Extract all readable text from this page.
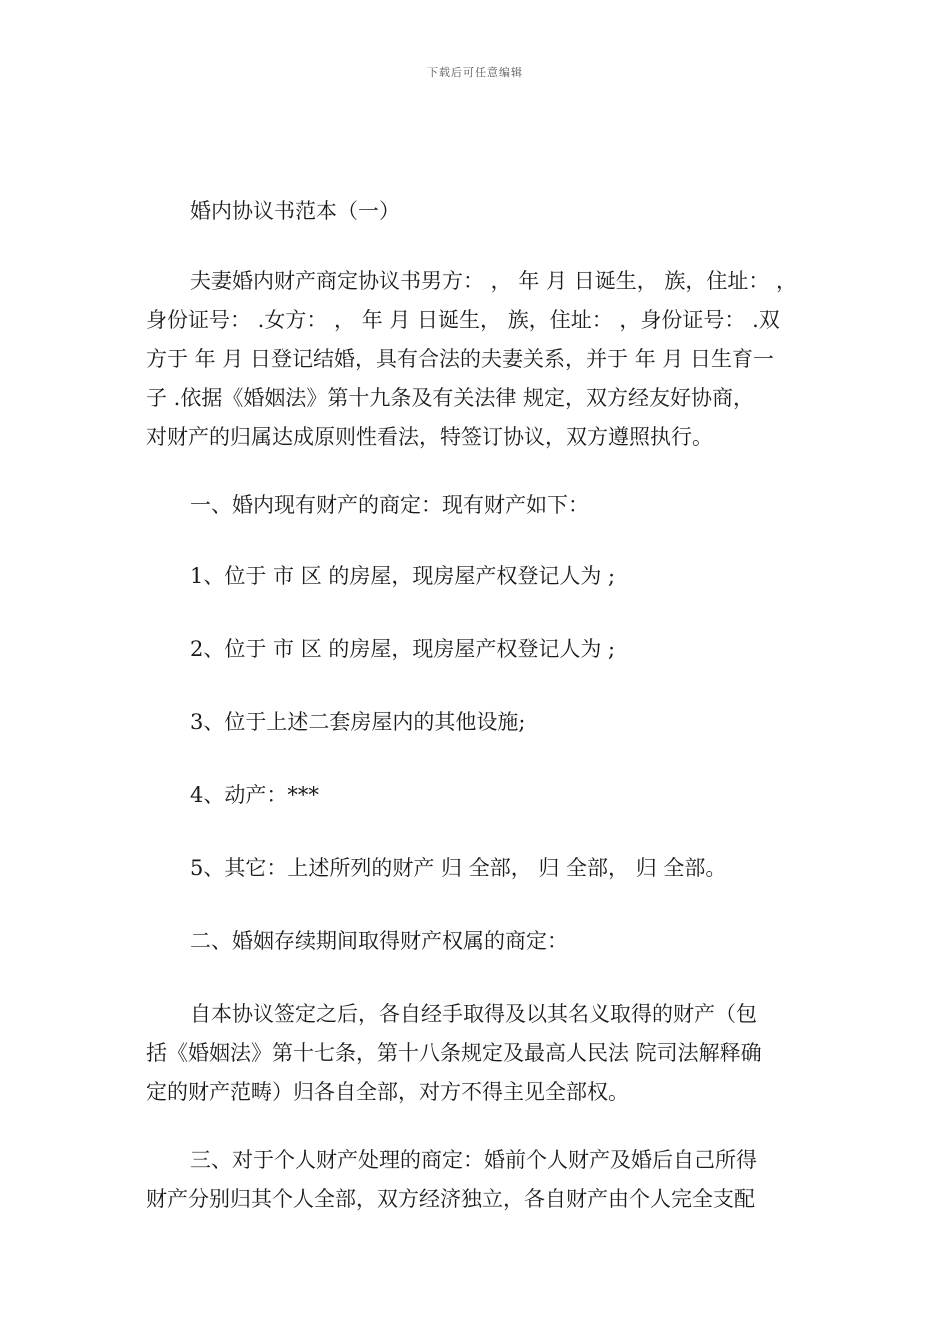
下载后可任意编辑

婚内协议书范本（一）

夫妻婚内财产商定协议书男方： ， 年 月 日诞生， 族，住址： ，
身份证号： .女方： ， 年 月 日诞生， 族，住址： ，身份证号： .双
方于 年 月 日登记结婚，具有合法的夫妻关系，并于 年 月 日生育一
子 .依据《婚姻法》第十九条及有关法律 规定，双方经友好协商，
对财产的归属达成原则性看法，特签订协议，双方遵照执行。

一、婚内现有财产的商定：现有财产如下：

1、位于 市 区 的房屋，现房屋产权登记人为 ;

2、位于 市 区 的房屋，现房屋产权登记人为 ;

3、位于上述二套房屋内的其他设施;

4、动产：***

5、其它：上述所列的财产 归 全部， 归 全部， 归 全部。

二、婚姻存续期间取得财产权属的商定：

自本协议签定之后，各自经手取得及以其名义取得的财产（包
括《婚姻法》第十七条，第十八条规定及最高人民法 院司法解释确
定的财产范畴）归各自全部，对方不得主见全部权。
三、对于个人财产处理的商定：婚前个人财产及婚后自己所得
财产分别归其个人全部，双方经济独立，各自财产由个人完全支配
